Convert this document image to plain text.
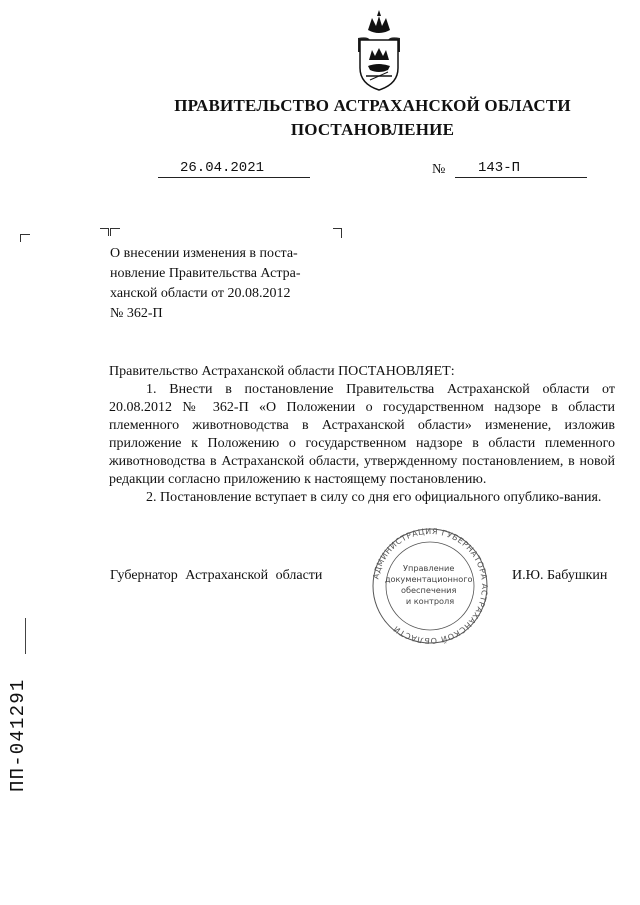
ПРАВИТЕЛЬСТВО АСТРАХАНСКОЙ ОБЛАСТИ
ПОСТАНОВЛЕНИЕ
26.04.2021	№ 143-П

О внесении изменения в поста-

новление Правительства Астра-

ханской области от 20.08.2012

№ 362-П

Правительство Астраханской области ПОСТАНОВЛЯЕТ:

1. Внести в постановление Правительства Астраханской области от 20.08.2012 № 362-П «О Положении о государственном надзоре в области племенного животноводства в Астраханской области» изменение, изложив приложение к Положению о государственном надзоре в области племенного животноводства в Астраханской области, утвержденному постановлением, в новой редакции согласно приложению к настоящему постановлению.

2. Постановление вступает в силу со дня его официального опублико-вания.

Губернатор Астраханской области	И.Ю. Бабушкин
АДМИНИСТРАЦИЯ ГУБЕРНАТОРА АСТРАХАНСКОЙ ОБЛАСТИ
Управление документационного обеспечения и контроля
ПП-041291
